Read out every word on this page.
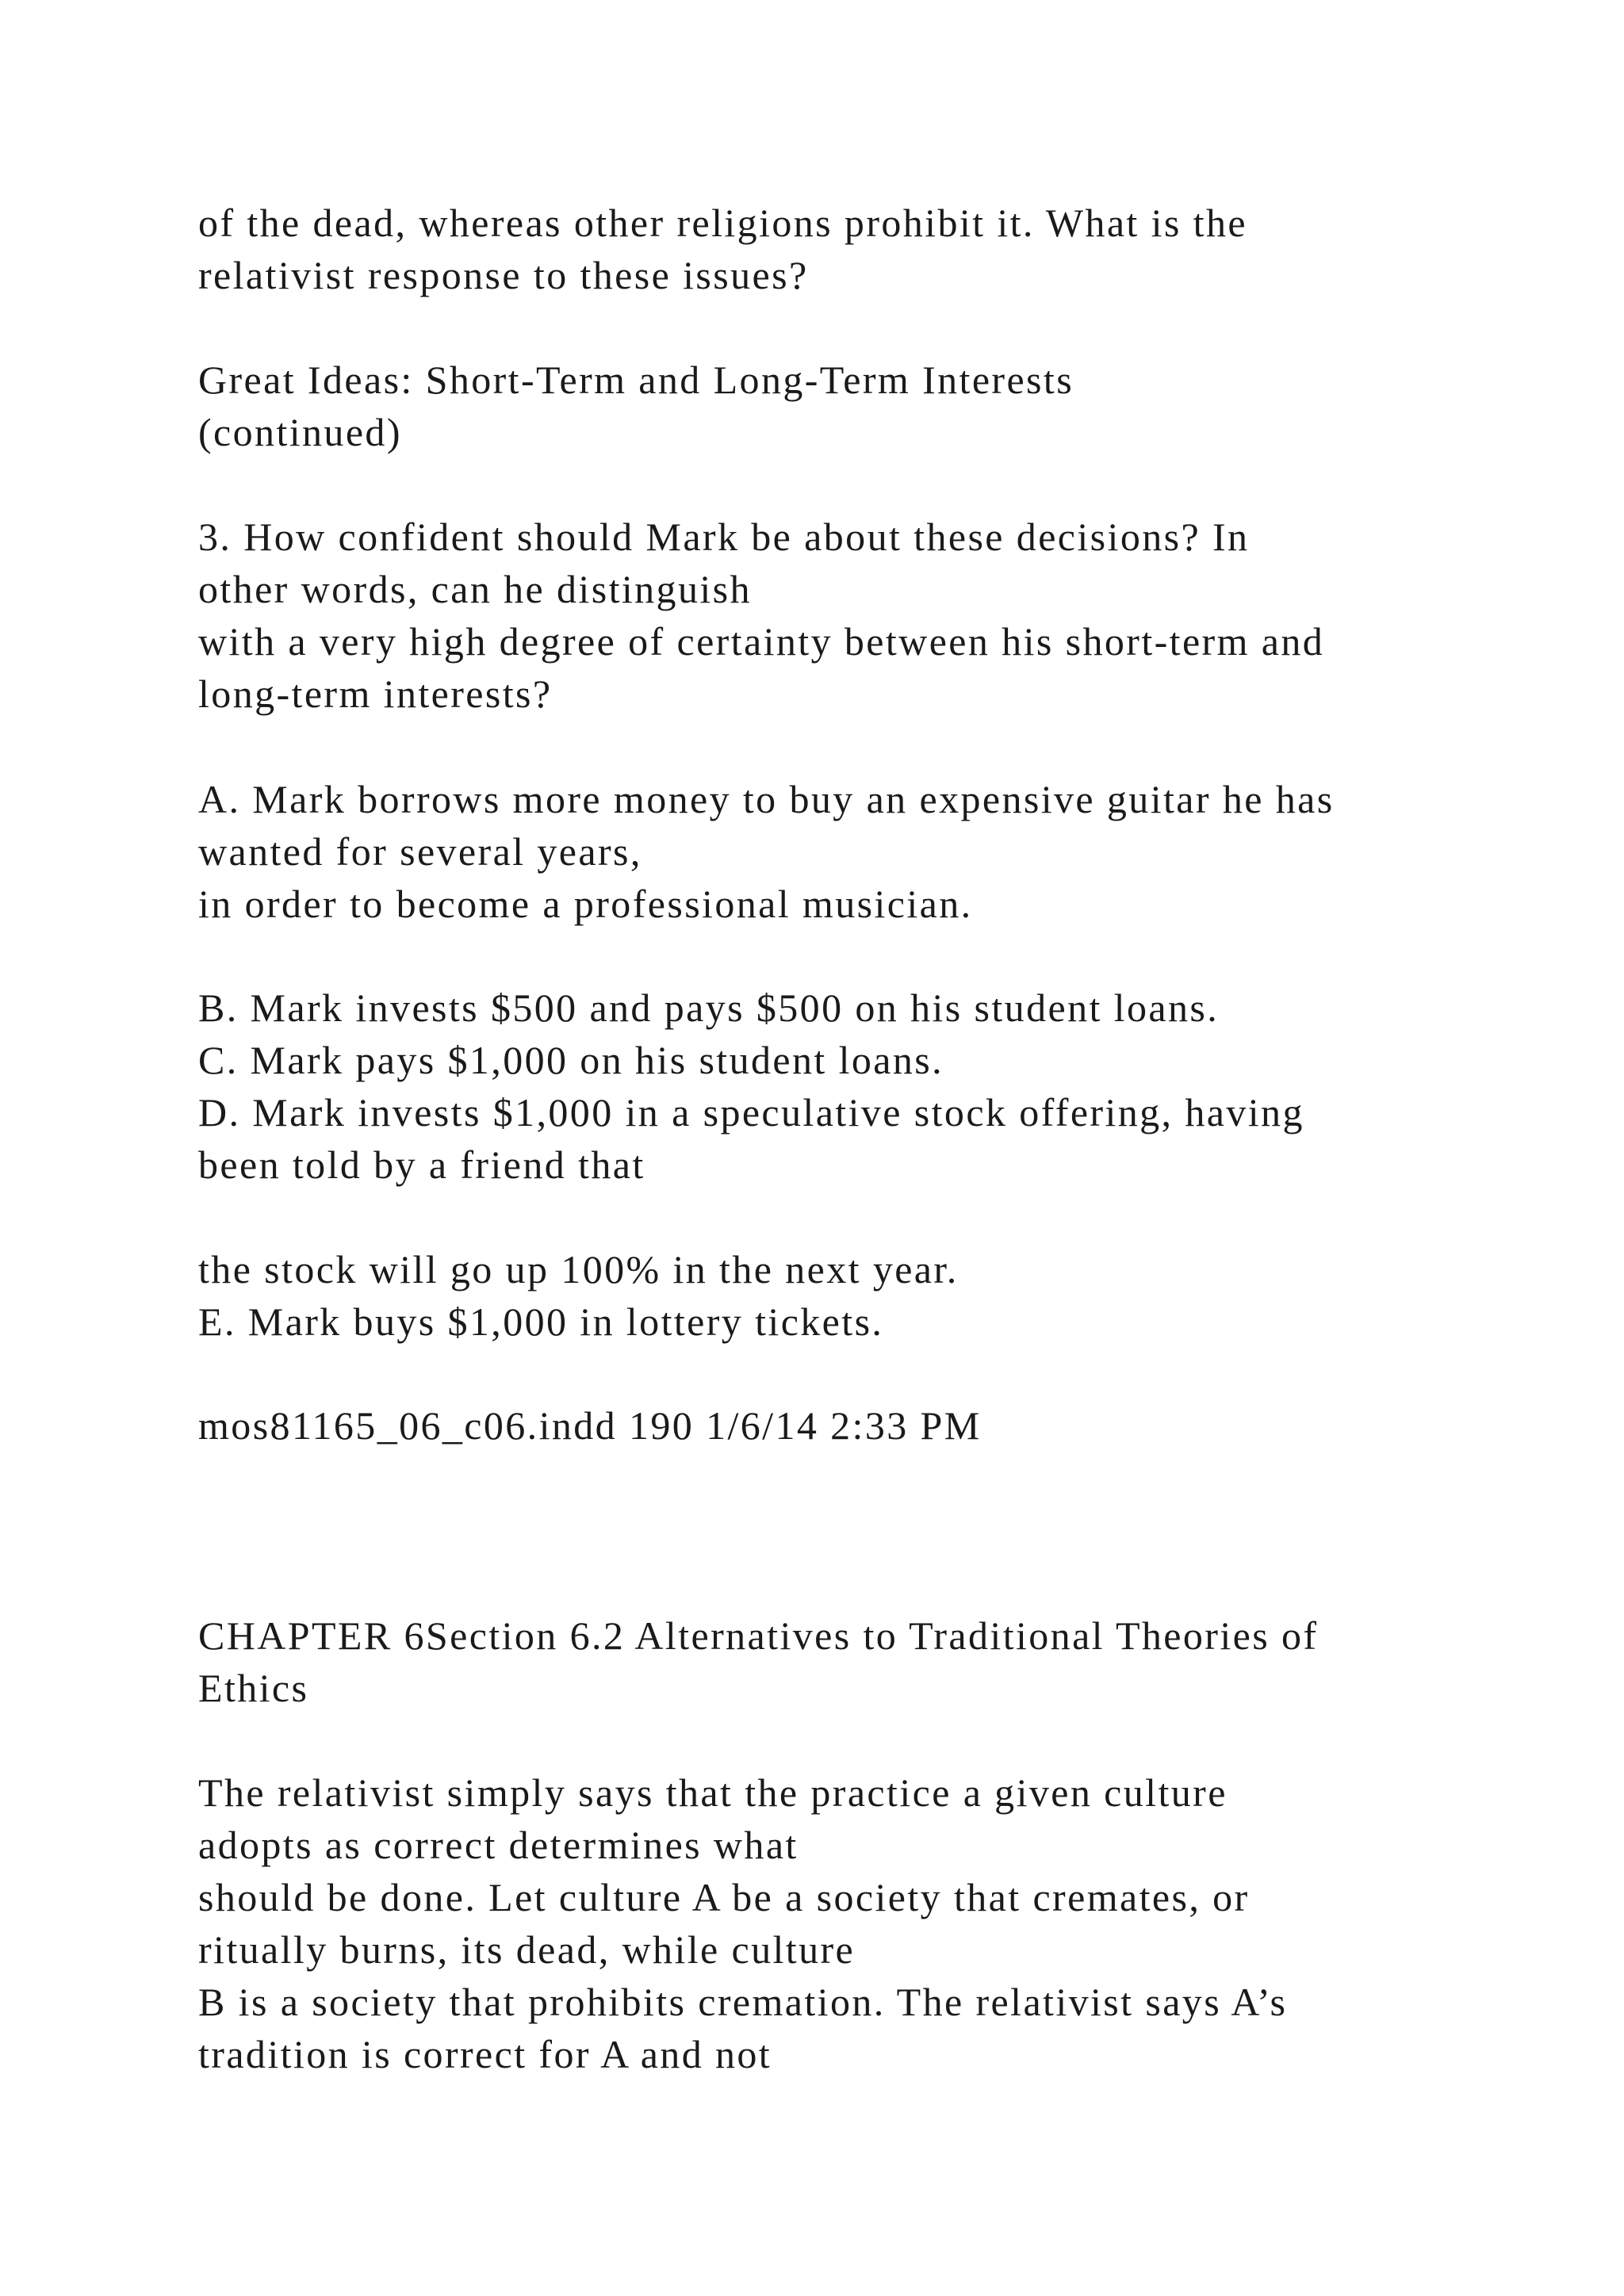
of the dead, whereas other religions prohibit it. What is the
relativist response to these issues?
Great Ideas: Short-Term and Long-Term Interests
(continued)
3. How confident should Mark be about these decisions? In
other words, can he distinguish
with a very high degree of certainty between his short-term and
long-term interests?
A. Mark borrows more money to buy an expensive guitar he has
wanted for several years,
in order to become a professional musician.
B. Mark invests $500 and pays $500 on his student loans.
C. Mark pays $1,000 on his student loans.
D. Mark invests $1,000 in a speculative stock offering, having
been told by a friend that
the stock will go up 100% in the next year.
E. Mark buys $1,000 in lottery tickets.
mos81165_06_c06.indd 190 1/6/14 2:33 PM
CHAPTER 6Section 6.2 Alternatives to Traditional Theories of
Ethics
The relativist simply says that the practice a given culture
adopts as correct determines what
should be done. Let culture A be a society that cremates, or
ritually burns, its dead, while culture
B is a society that prohibits cremation. The relativist says A’s
tradition is correct for A and not
